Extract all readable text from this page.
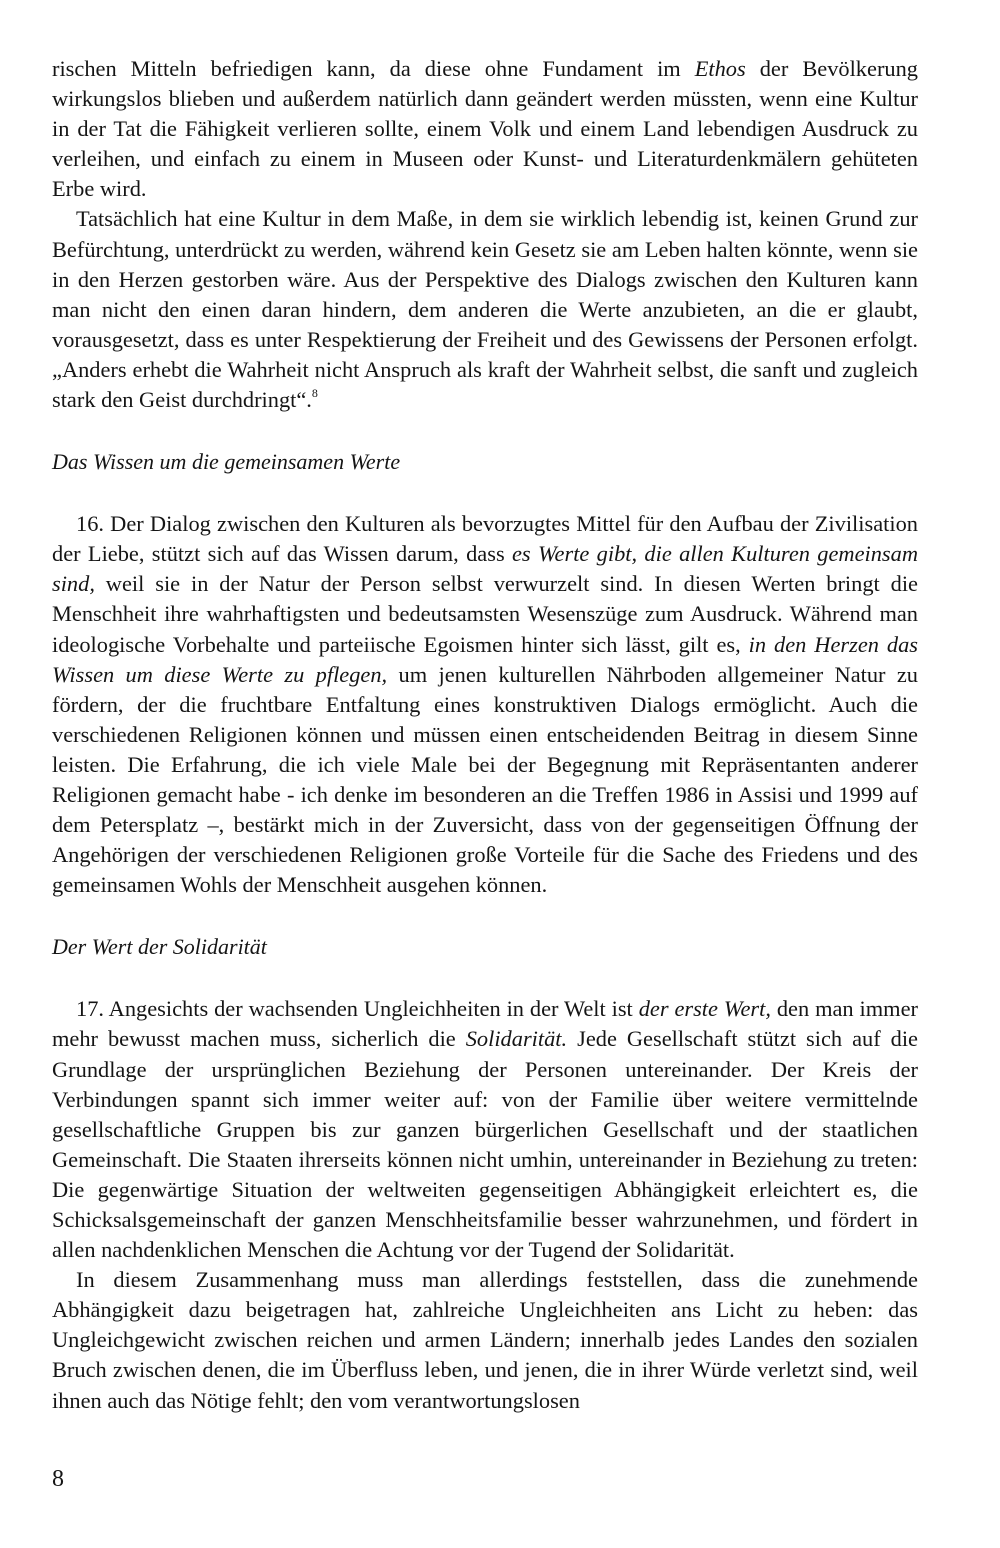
rischen Mitteln befriedigen kann, da diese ohne Fundament im Ethos der Bevölkerung wirkungslos blieben und außerdem natürlich dann geändert werden müssten, wenn eine Kultur in der Tat die Fähigkeit verlieren sollte, einem Volk und einem Land lebendigen Ausdruck zu verleihen, und einfach zu einem in Museen oder Kunst- und Literaturdenkmälern gehüteten Erbe wird.

Tatsächlich hat eine Kultur in dem Maße, in dem sie wirklich lebendig ist, keinen Grund zur Befürchtung, unterdrückt zu werden, während kein Gesetz sie am Leben halten könnte, wenn sie in den Herzen gestorben wäre. Aus der Perspektive des Dialogs zwischen den Kulturen kann man nicht den einen daran hindern, dem anderen die Werte anzubieten, an die er glaubt, vorausgesetzt, dass es unter Respektierung der Freiheit und des Gewissens der Personen erfolgt. „Anders erhebt die Wahrheit nicht Anspruch als kraft der Wahrheit selbst, die sanft und zugleich stark den Geist durchdringt“.$^8$

Das Wissen um die gemeinsamen Werte

16. Der Dialog zwischen den Kulturen als bevorzugtes Mittel für den Aufbau der Zivilisation der Liebe, stützt sich auf das Wissen darum, dass es Werte gibt, die allen Kulturen gemeinsam sind, weil sie in der Natur der Person selbst verwurzelt sind. In diesen Werten bringt die Menschheit ihre wahrhaftigsten und bedeutsamsten Wesenszüge zum Ausdruck. Während man ideologische Vorbehalte und parteiische Egoismen hinter sich lässt, gilt es, in den Herzen das Wissen um diese Werte zu pflegen, um jenen kulturellen Nährboden allgemeiner Natur zu fördern, der die fruchtbare Entfaltung eines konstruktiven Dialogs ermöglicht. Auch die verschiedenen Religionen können und müssen einen entscheidenden Beitrag in diesem Sinne leisten. Die Erfahrung, die ich viele Male bei der Begegnung mit Repräsentanten anderer Religionen gemacht habe - ich denke im besonderen an die Treffen 1986 in Assisi und 1999 auf dem Petersplatz –, bestärkt mich in der Zuversicht, dass von der gegenseitigen Öffnung der Angehörigen der verschiedenen Religionen große Vorteile für die Sache des Friedens und des gemeinsamen Wohls der Menschheit ausgehen können.

Der Wert der Solidarität

17. Angesichts der wachsenden Ungleichheiten in der Welt ist der erste Wert, den man immer mehr bewusst machen muss, sicherlich die Solidarität. Jede Gesellschaft stützt sich auf die Grundlage der ursprünglichen Beziehung der Personen untereinander. Der Kreis der Verbindungen spannt sich immer weiter auf: von der Familie über weitere vermittelnde gesellschaftliche Gruppen bis zur ganzen bürgerlichen Gesellschaft und der staatlichen Gemeinschaft. Die Staaten ihrerseits können nicht umhin, untereinander in Beziehung zu treten: Die gegenwärtige Situation der weltweiten gegenseitigen Abhängigkeit erleichtert es, die Schicksalsgemeinschaft der ganzen Menschheitsfamilie besser wahrzunehmen, und fördert in allen nachdenklichen Menschen die Achtung vor der Tugend der Solidarität.

In diesem Zusammenhang muss man allerdings feststellen, dass die zunehmende Abhängigkeit dazu beigetragen hat, zahlreiche Ungleichheiten ans Licht zu heben: das Ungleichgewicht zwischen reichen und armen Ländern; innerhalb jedes Landes den sozialen Bruch zwischen denen, die im Überfluss leben, und jenen, die in ihrer Würde verletzt sind, weil ihnen auch das Nötige fehlt; den vom verantwortungslosen

8
